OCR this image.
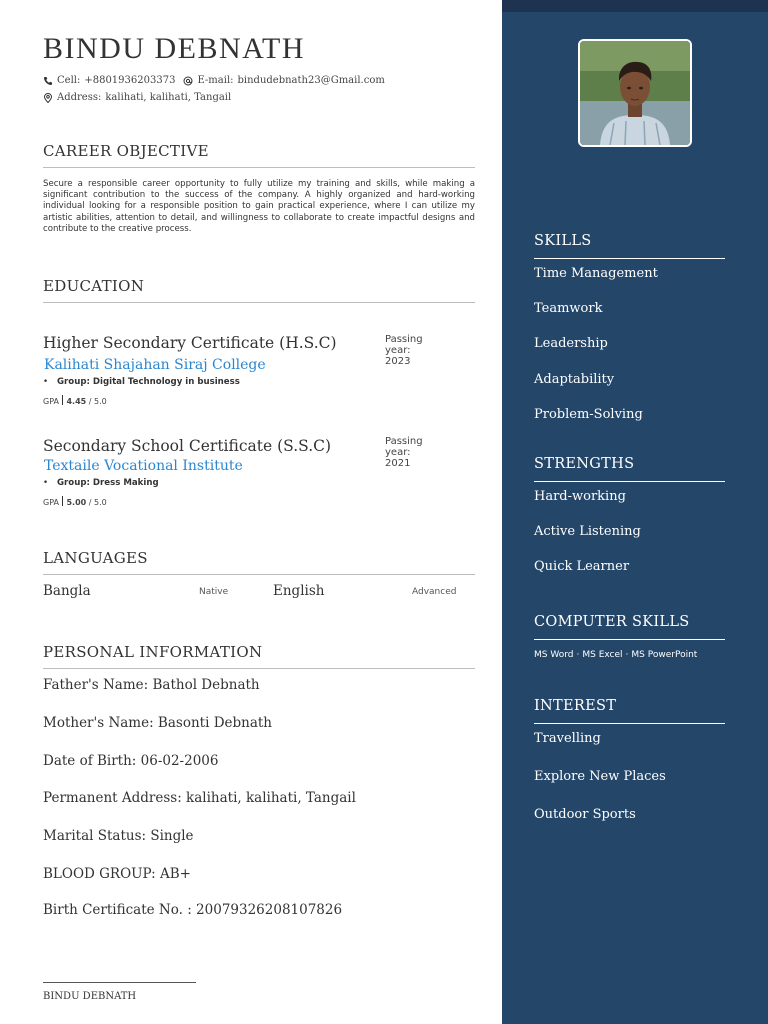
BINDU DEBNATH
Cell: +8801936203373 E-mail: bindudebnath23@Gmail.com
Address: kalihati, kalihati, Tangail
CAREER OBJECTIVE

Secure a responsible career opportunity to fully utilize my training and skills, while making a significant contribution to the success of the company. A highly organized and hard-working individual looking for a responsible position to gain practical experience, where I can utilize my artistic abilities, attention to detail, and willingness to collaborate to create impactful designs and contribute to the creative process.

EDUCATION
Higher Secondary Certificate (H.S.C)	Passing year: 2023
Kalihati Shajahan Siraj College
• Group: Digital Technology in business
GPA 4.45 / 5.0
Secondary School Certificate (S.S.C)	Passing year: 2021
Textaile Vocational Institute
• Group: Dress Making
GPA 5.00 / 5.0
LANGUAGES
Bangla	Native	English	Advanced
PERSONAL INFORMATION
Father's Name: Bathol Debnath
Mother's Name: Basonti Debnath
Date of Birth: 06-02-2006
Permanent Address: kalihati, kalihati, Tangail
Marital Status: Single
BLOOD GROUP: AB+
Birth Certificate No. : 20079326208107826
BINDU DEBNATH
SKILLS
Time Management
Teamwork
Leadership
Adaptability
Problem-Solving
STRENGTHS
Hard-working
Active Listening
Quick Learner
COMPUTER SKILLS
MS Word · MS Excel · MS PowerPoint
INTEREST
Travelling
Explore New Places
Outdoor Sports
